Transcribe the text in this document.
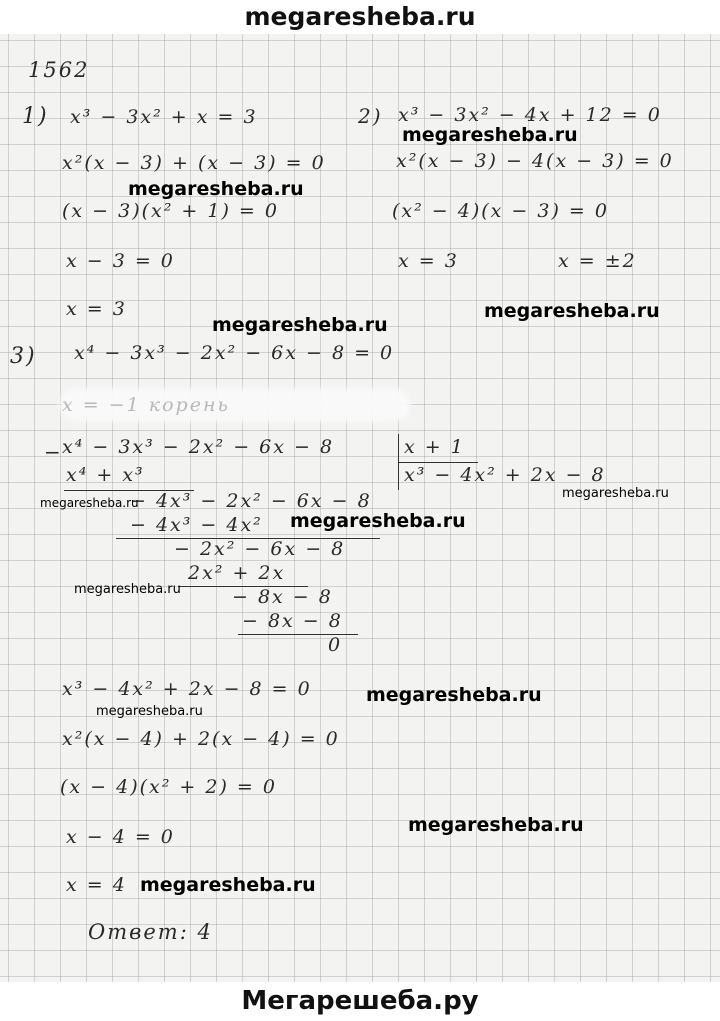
megaresheba.ru
1562
1) x³ − 3x² + x = 3
x²(x − 3) + (x − 3) = 0
(x − 3)(x² + 1) = 0
x − 3 = 0
x = 3
2) x³ − 3x² − 4x + 12 = 0
x²(x − 3) − 4(x − 3) = 0
(x² − 4)(x − 3) = 0
x = 3	x = ±2
3) x⁴ − 3x³ − 2x² − 6x − 8 = 0
x = −1 корень
− x⁴ − 3x³ − 2x² − 6x − 8	x + 1
x³ − 4x² + 2x − 8
x⁴ + x³
− 4x³ − 2x² − 6x − 8
− 4x³ − 4x²
− 2x² − 6x − 8
2x² + 2x
− 8x − 8
− 8x − 8
0
x³ − 4x² + 2x − 8 = 0
x²(x − 4) + 2(x − 4) = 0
(x − 4)(x² + 2) = 0
x − 4 = 0
x = 4
Ответ: 4
megaresheba.ru
megaresheba.ru
megaresheba.ru
megaresheba.ru
megaresheba.ru
megaresheba.ru
megaresheba.ru
megaresheba.ru
megaresheba.ru
megaresheba.ru
megaresheba.ru
megaresheba.ru
Мегарешеба.ру
